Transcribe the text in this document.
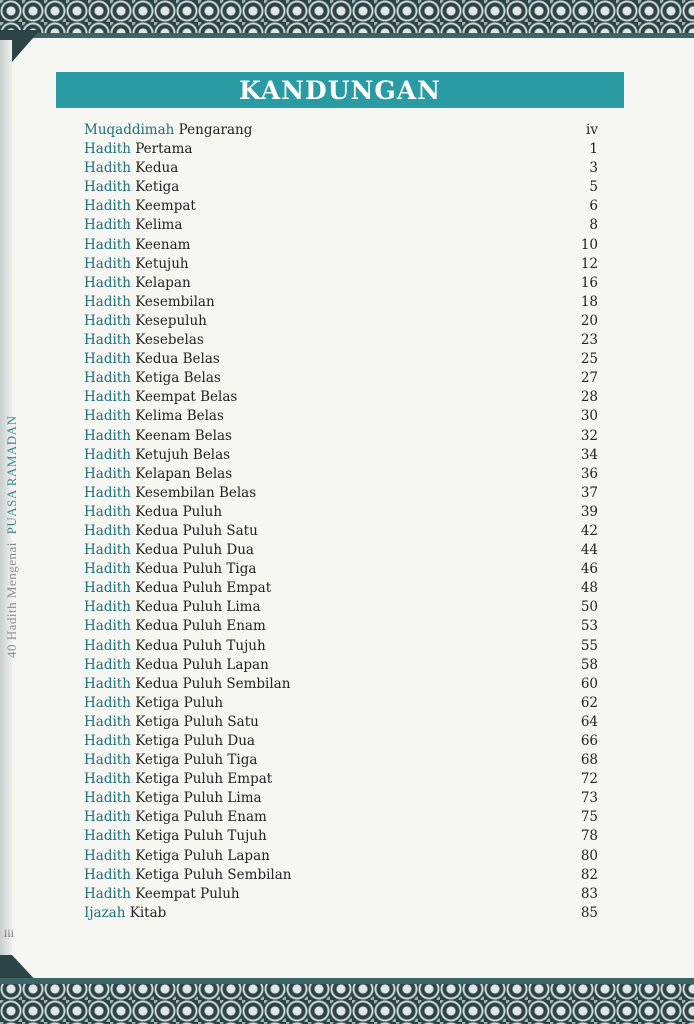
40 Hadith Mengenai PUASA RAMADAN
KANDUNGAN
Muqaddimah Pengarang	iv
Hadith Pertama	1
Hadith Kedua	3
Hadith Ketiga	5
Hadith Keempat	6
Hadith Kelima	8
Hadith Keenam	10
Hadith Ketujuh	12
Hadith Kelapan	16
Hadith Kesembilan	18
Hadith Kesepuluh	20
Hadith Kesebelas	23
Hadith Kedua Belas	25
Hadith Ketiga Belas	27
Hadith Keempat Belas	28
Hadith Kelima Belas	30
Hadith Keenam Belas	32
Hadith Ketujuh Belas	34
Hadith Kelapan Belas	36
Hadith Kesembilan Belas	37
Hadith Kedua Puluh	39
Hadith Kedua Puluh Satu	42
Hadith Kedua Puluh Dua	44
Hadith Kedua Puluh Tiga	46
Hadith Kedua Puluh Empat	48
Hadith Kedua Puluh Lima	50
Hadith Kedua Puluh Enam	53
Hadith Kedua Puluh Tujuh	55
Hadith Kedua Puluh Lapan	58
Hadith Kedua Puluh Sembilan	60
Hadith Ketiga Puluh	62
Hadith Ketiga Puluh Satu	64
Hadith Ketiga Puluh Dua	66
Hadith Ketiga Puluh Tiga	68
Hadith Ketiga Puluh Empat	72
Hadith Ketiga Puluh Lima	73
Hadith Ketiga Puluh Enam	75
Hadith Ketiga Puluh Tujuh	78
Hadith Ketiga Puluh Lapan	80
Hadith Ketiga Puluh Sembilan	82
Hadith Keempat Puluh	83
Ijazah Kitab	85
iii
